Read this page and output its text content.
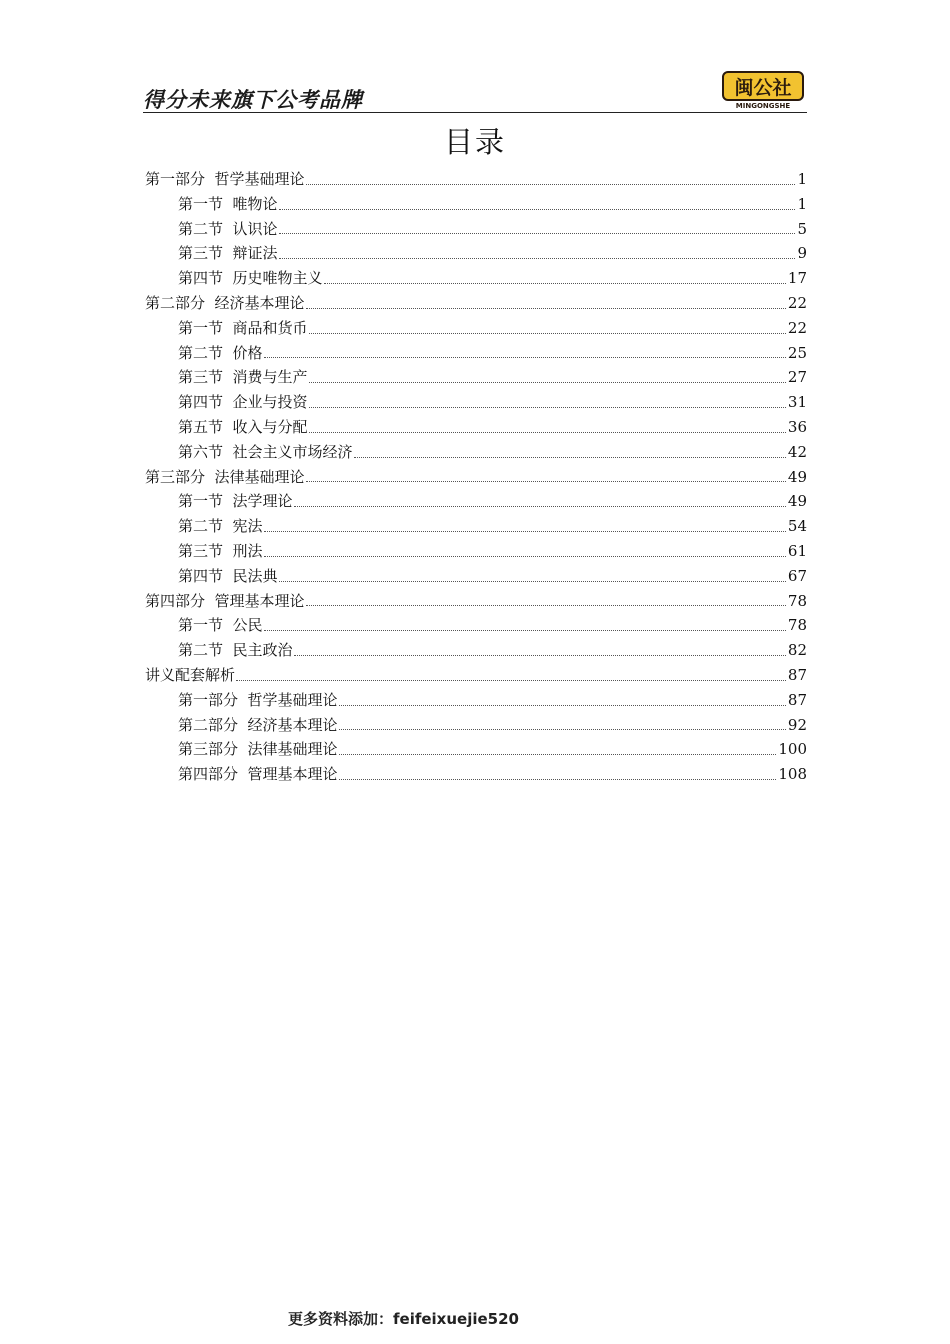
得分未来旗下公考品牌	闽公社
MINGONGSHE
目录
第一部分  哲学基础理论	1
第一节  唯物论	1
第二节  认识论	5
第三节  辩证法	9
第四节  历史唯物主义	17
第二部分  经济基本理论	22
第一节  商品和货币	22
第二节  价格	25
第三节  消费与生产	27
第四节  企业与投资	31
第五节  收入与分配	36
第六节  社会主义市场经济	42
第三部分  法律基础理论	49
第一节  法学理论	49
第二节  宪法	54
第三节  刑法	61
第四节  民法典	67
第四部分  管理基本理论	78
第一节  公民	78
第二节  民主政治	82
讲义配套解析	87
第一部分  哲学基础理论	87
第二部分  经济基本理论	92
第三部分  法律基础理论	100
第四部分  管理基本理论	108
更多资料添加：feifeixuejie520
